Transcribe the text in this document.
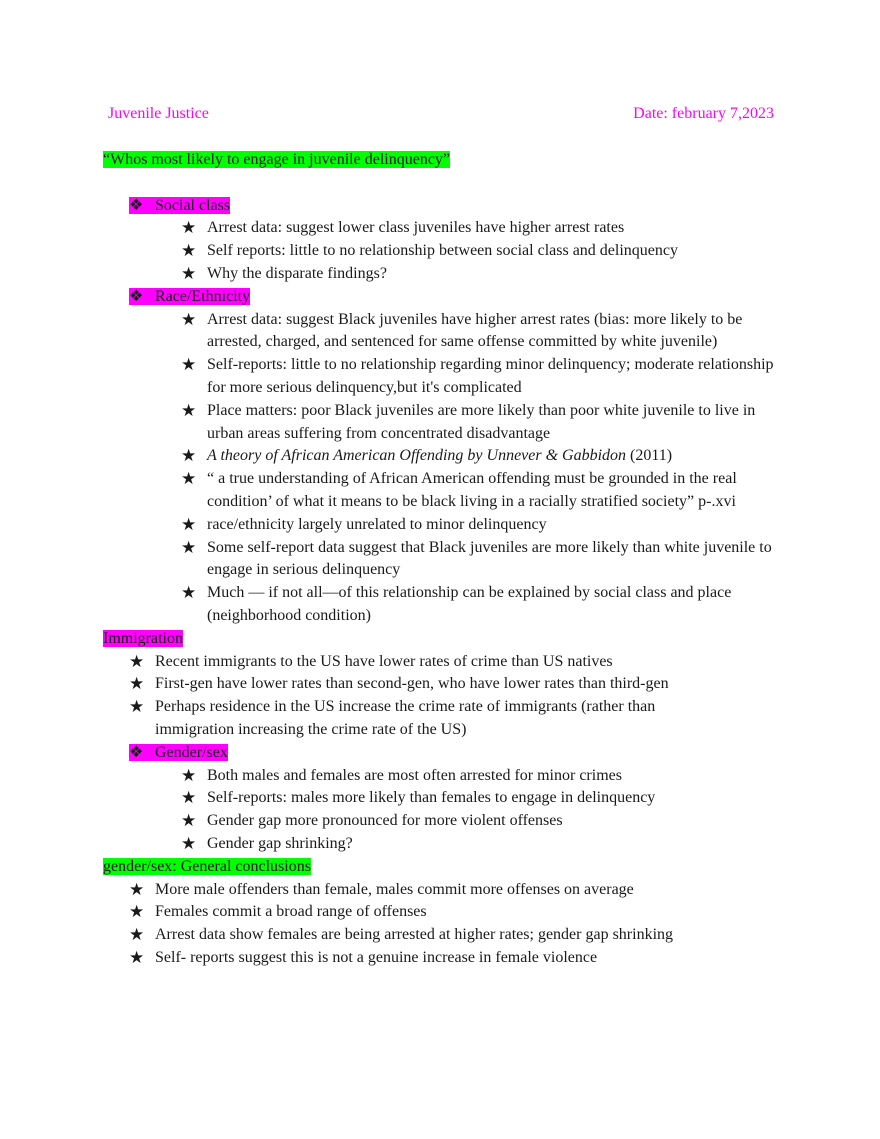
Juvenile Justice	Date: february 7,2023
“Whos most likely to engage in juvenile delinquency”
❖ Social class
★ Arrest data: suggest lower class juveniles have higher arrest rates
★ Self reports: little to no relationship between social class and delinquency
★ Why the disparate findings?
❖ Race/Ethnicity
★ Arrest data: suggest Black juveniles have higher arrest rates (bias: more likely to be arrested, charged, and sentenced for same offense committed by white juvenile)
★ Self-reports: little to no relationship regarding minor delinquency; moderate relationship for more serious delinquency,but it's complicated
★ Place matters: poor Black juveniles are more likely than poor white juvenile to live in urban areas suffering from concentrated disadvantage
★ A theory of African American Offending by Unnever & Gabbidon (2011)
★ “ a true understanding of African American offending must be grounded in the real condition’ of what it means to be black living in a racially stratified society” p-.xvi
★ race/ethnicity largely unrelated to minor delinquency
★ Some self-report data suggest that Black juveniles are more likely than white juvenile to engage in serious delinquency
★ Much — if not all—of this relationship can be explained by social class and place (neighborhood condition)
Immigration
★ Recent immigrants to the US have lower rates of crime than US natives
★ First-gen have lower rates than second-gen, who have lower rates than third-gen
★ Perhaps residence in the US increase the crime rate of immigrants (rather than immigration increasing the crime rate of the US)
❖ Gender/sex
★ Both males and females are most often arrested for minor crimes
★ Self-reports: males more likely than females to engage in delinquency
★ Gender gap more pronounced for more violent offenses
★ Gender gap shrinking?
gender/sex: General conclusions
★ More male offenders than female, males commit more offenses on average
★ Females commit a broad range of offenses
★ Arrest data show females are being arrested at higher rates; gender gap shrinking
★ Self- reports suggest this is not a genuine increase in female violence
